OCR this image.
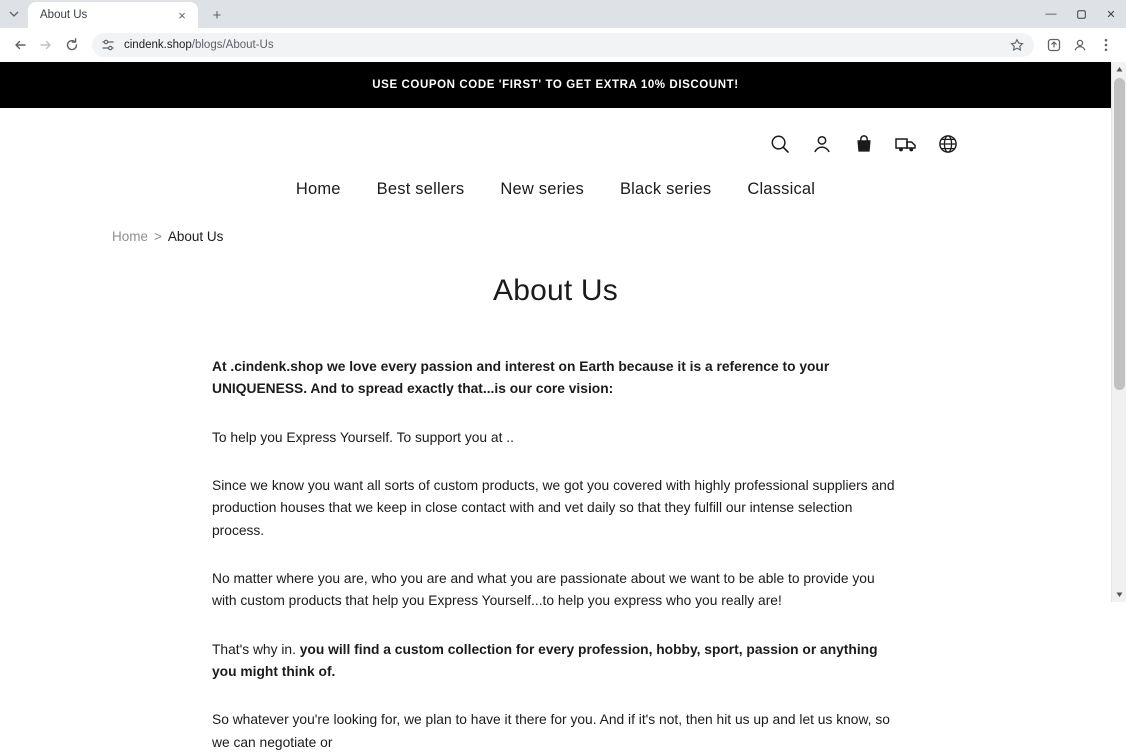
About Us	×	+	—	✕
cindenk.shop/blogs/About-Us
USE COUPON CODE 'FIRST' TO GET EXTRA 10% DISCOUNT!
Home	Best sellers	New series	Black series	Classical
Home > About Us
About Us

At .cindenk.shop we love every passion and interest on Earth because it is a reference to your UNIQUENESS. And to spread exactly that...is our core vision:

To help you Express Yourself. To support you at ..

Since we know you want all sorts of custom products, we got you covered with highly professional suppliers and production houses that we keep in close contact with and vet daily so that they fulfill our intense selection process.

No matter where you are, who you are and what you are passionate about we want to be able to provide you with custom products that help you Express Yourself...to help you express who you really are!

That's why in. you will find a custom collection for every profession, hobby, sport, passion or anything you might think of.

So whatever you're looking for, we plan to have it there for you. And if it's not, then hit us up and let us know, so we can negotiate or
